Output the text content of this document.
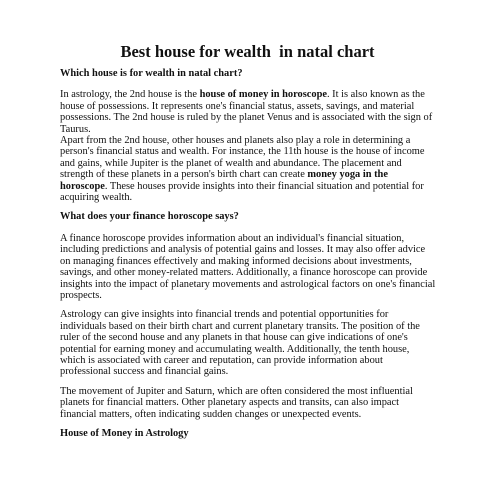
Best house for wealth  in natal chart
Which house is for wealth in natal chart?

In astrology, the 2nd house is the house of money in horoscope. It is also known as the house of possessions. It represents one's financial status, assets, savings, and material possessions. The 2nd house is ruled by the planet Venus and is associated with the sign of Taurus.

Apart from the 2nd house, other houses and planets also play a role in determining a person's financial status and wealth. For instance, the 11th house is the house of income and gains, while Jupiter is the planet of wealth and abundance. The placement and strength of these planets in a person's birth chart can create money yoga in the horoscope. These houses provide insights into their financial situation and potential for acquiring wealth.

What does your finance horoscope says?

A finance horoscope provides information about an individual's financial situation, including predictions and analysis of potential gains and losses. It may also offer advice on managing finances effectively and making informed decisions about investments, savings, and other money-related matters. Additionally, a finance horoscope can provide insights into the impact of planetary movements and astrological factors on one's financial prospects.

Astrology can give insights into financial trends and potential opportunities for individuals based on their birth chart and current planetary transits. The position of the ruler of the second house and any planets in that house can give indications of one's potential for earning money and accumulating wealth. Additionally, the tenth house, which is associated with career and reputation, can provide information about professional success and financial gains.

The movement of Jupiter and Saturn, which are often considered the most influential planets for financial matters. Other planetary aspects and transits, can also impact financial matters, often indicating sudden changes or unexpected events.

House of Money in Astrology
